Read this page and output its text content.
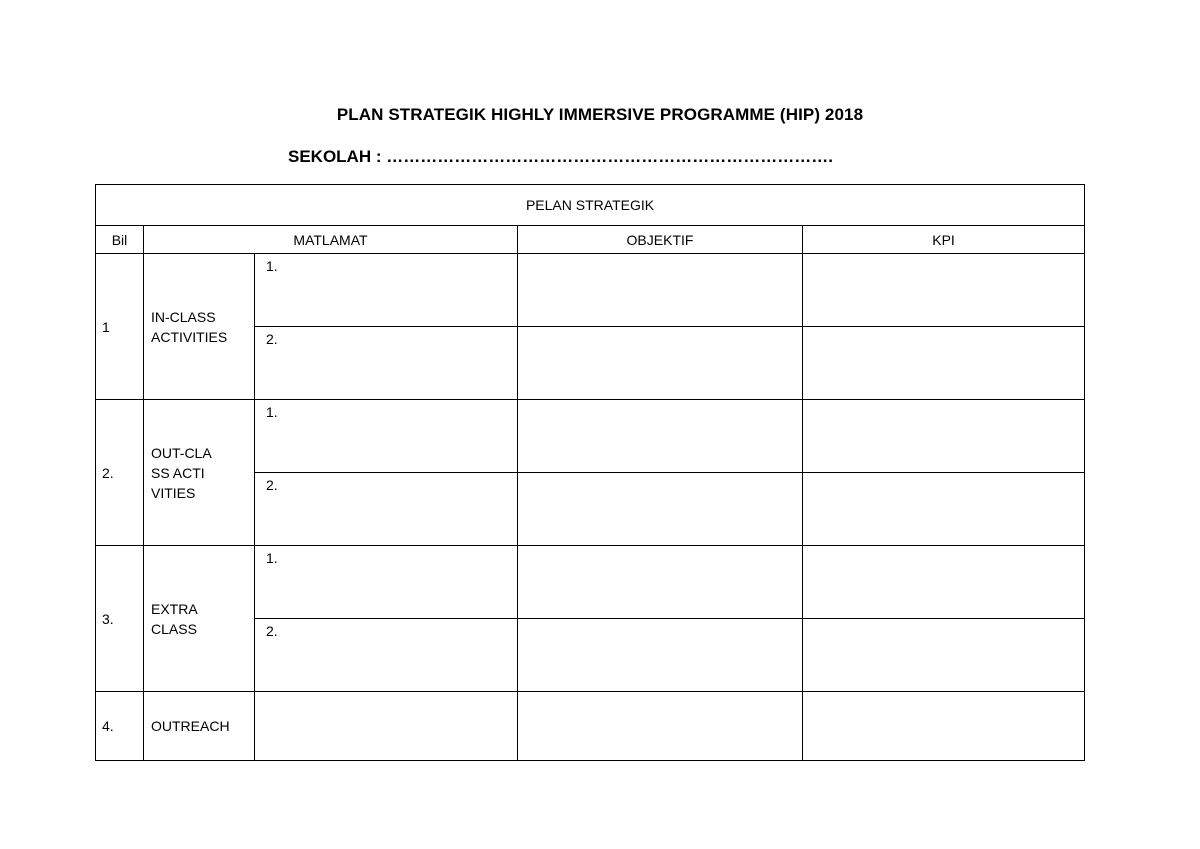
PLAN STRATEGIK HIGHLY IMMERSIVE PROGRAMME (HIP) 2018
SEKOLAH : …………………………………………………………………….
PELAN STRATEGIK				
Bil	MATLAMAT		OBJEKTIF	KPI
1	IN-CLASS ACTIVITIES	1.		
		2.		
2.	OUT-CLASS ACTIVITIES	1.		
		2.		
3.	EXTRA CLASS	1.		
		2.		
4.	OUTREACH			
